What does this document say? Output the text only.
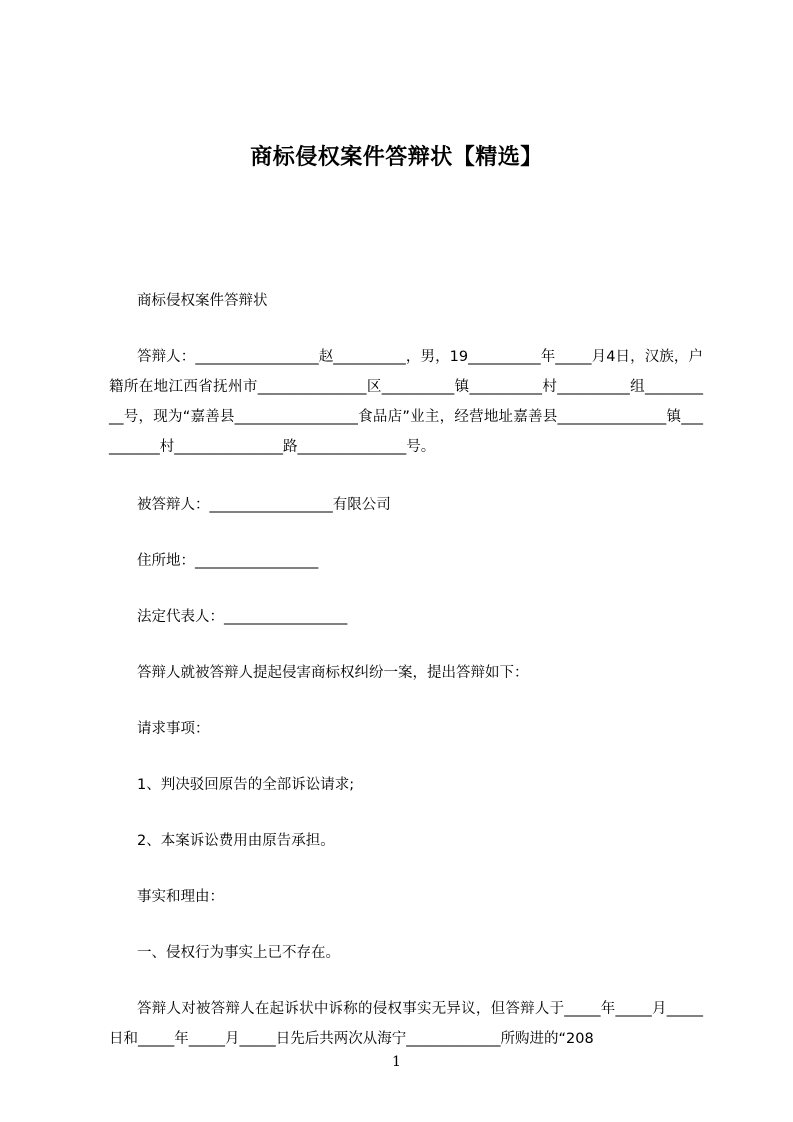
商标侵权案件答辩状【精选】

商标侵权案件答辩状

答辩人：_________________赵__________，男，19__________年_____月4日，汉族，户籍所在地江西省抚州市_______________区__________镇__________村__________组__________号，现为“嘉善县_________________食品店”业主，经营地址嘉善县_______________镇__________村_______________路_______________号。

被答辩人：_________________有限公司

住所地：_________________

法定代表人：_________________

答辩人就被答辩人提起侵害商标权纠纷一案，提出答辩如下：

请求事项：

1、判决驳回原告的全部诉讼请求;

2、本案诉讼费用由原告承担。

事实和理由：

一、侵权行为事实上已不存在。

答辩人对被答辩人在起诉状中诉称的侵权事实无异议，但答辩人于_____年_____月_____日和_____年_____月_____日先后共两次从海宁_____________所购进的“208

1
